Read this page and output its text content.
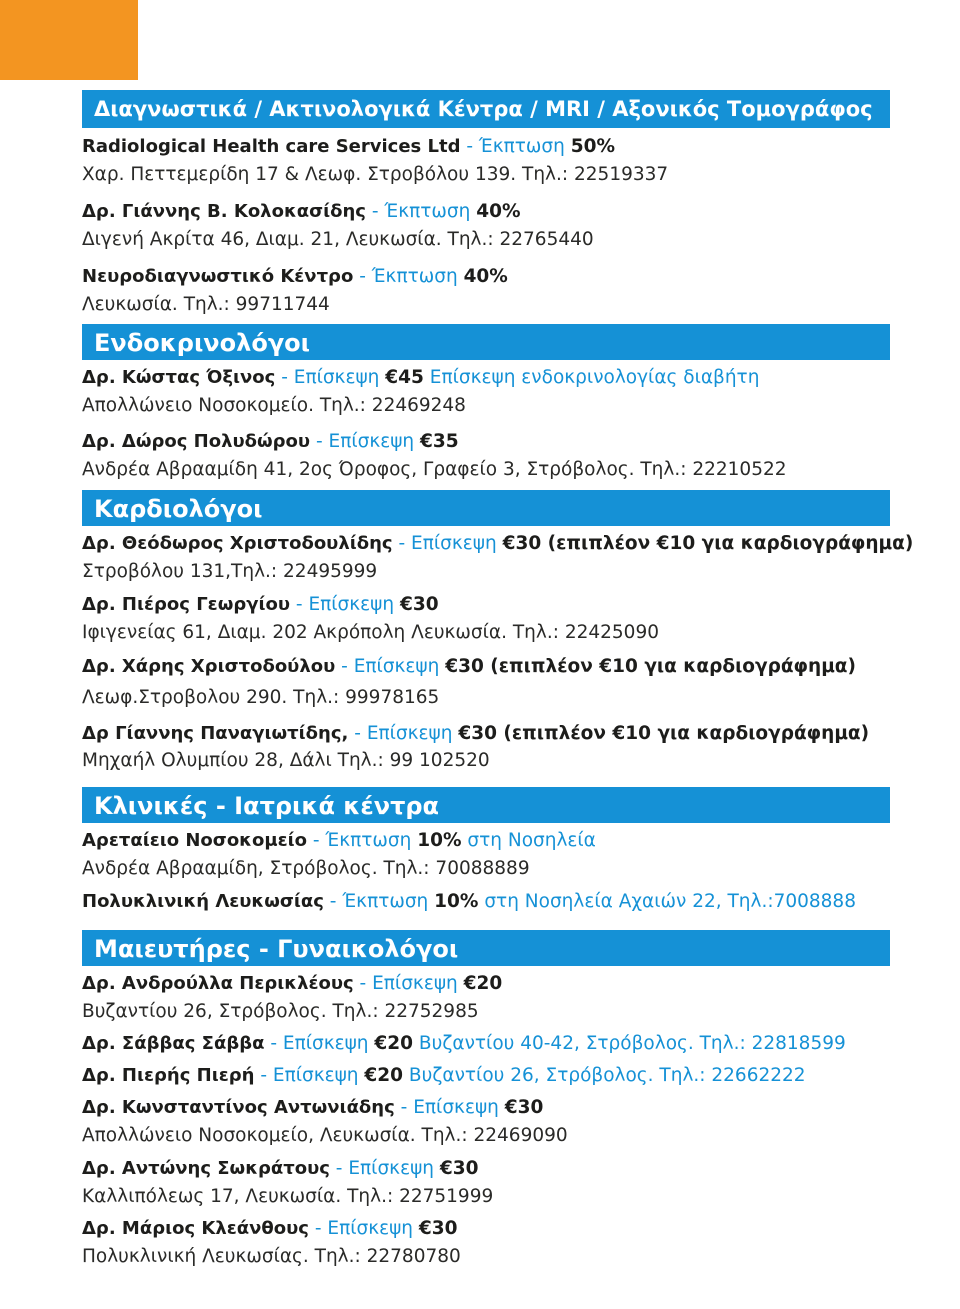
Διαγνωστικά / Ακτινολογικά Κέντρα / MRI / Αξονικός Τομογράφος
Radiological Health care Services Ltd - Έκπτωση 50%
Χαρ. Πεττεμερίδη 17 & Λεωφ. Στροβόλου 139. Τηλ.: 22519337
Δρ. Γιάννης Β. Κολοκασίδης - Έκπτωση 40%
Διγενή Ακρίτα 46, Διαμ. 21, Λευκωσία. Τηλ.: 22765440
Νευροδιαγνωστικό Κέντρο - Έκπτωση 40%
Λευκωσία. Τηλ.: 99711744
Ενδοκρινολόγοι
Δρ. Κώστας Όξινος - Επίσκεψη €45 Επίσκεψη ενδοκρινολογίας διαβήτη
Απολλώνειο Νοσοκομείο. Τηλ.: 22469248
Δρ. Δώρος Πολυδώρου - Επίσκεψη €35
Ανδρέα Αβρααμίδη 41, 2ος Όροφος, Γραφείο 3, Στρόβολος. Τηλ.: 22210522
Καρδιολόγοι
Δρ. Θεόδωρος Χριστοδουλίδης - Επίσκεψη €30 (επιπλέον €10 για καρδιογράφημα)
Στροβόλου 131,Τηλ.: 22495999
Δρ. Πιέρος Γεωργίου - Επίσκεψη €30
Ιφιγενείας 61, Διαμ. 202 Ακρόπολη Λευκωσία. Τηλ.: 22425090
Δρ. Χάρης Χριστοδούλου - Επίσκεψη €30 (επιπλέον €10 για καρδιογράφημα)
Λεωφ.Στροβολου 290. Τηλ.: 99978165
Δρ Γίαννης Παναγιωτίδης, - Επίσκεψη €30 (επιπλέον €10 για καρδιογράφημα)
Μηχαήλ Ολυμπίου 28, Δάλι Τηλ.: 99 102520
Κλινικές - Ιατρικά κέντρα
Αρεταίειο Νοσοκομείο - Έκπτωση 10% στη Νοσηλεία
Ανδρέα Αβρααμίδη, Στρόβολος. Τηλ.: 70088889
Πολυκλινική Λευκωσίας - Έκπτωση 10% στη Νοσηλεία Αχαιών 22, Τηλ.:7008888
Μαιευτήρες - Γυναικολόγοι
Δρ. Ανδρούλλα Περικλέους - Επίσκεψη €20
Βυζαντίου 26, Στρόβολος. Τηλ.: 22752985
Δρ. Σάββας Σάββα - Επίσκεψη €20 Βυζαντίου 40-42, Στρόβολος. Τηλ.: 22818599
Δρ. Πιερής Πιερή - Επίσκεψη €20 Βυζαντίου 26, Στρόβολος. Τηλ.: 22662222
Δρ. Κωνσταντίνος Αντωνιάδης - Επίσκεψη €30
Απολλώνειο Νοσοκομείο, Λευκωσία. Τηλ.: 22469090
Δρ. Αντώνης Σωκράτους - Επίσκεψη €30
Καλλιπόλεως 17, Λευκωσία. Τηλ.: 22751999
Δρ. Μάριος Κλεάνθους - Επίσκεψη €30
Πολυκλινική Λευκωσίας. Τηλ.: 22780780
